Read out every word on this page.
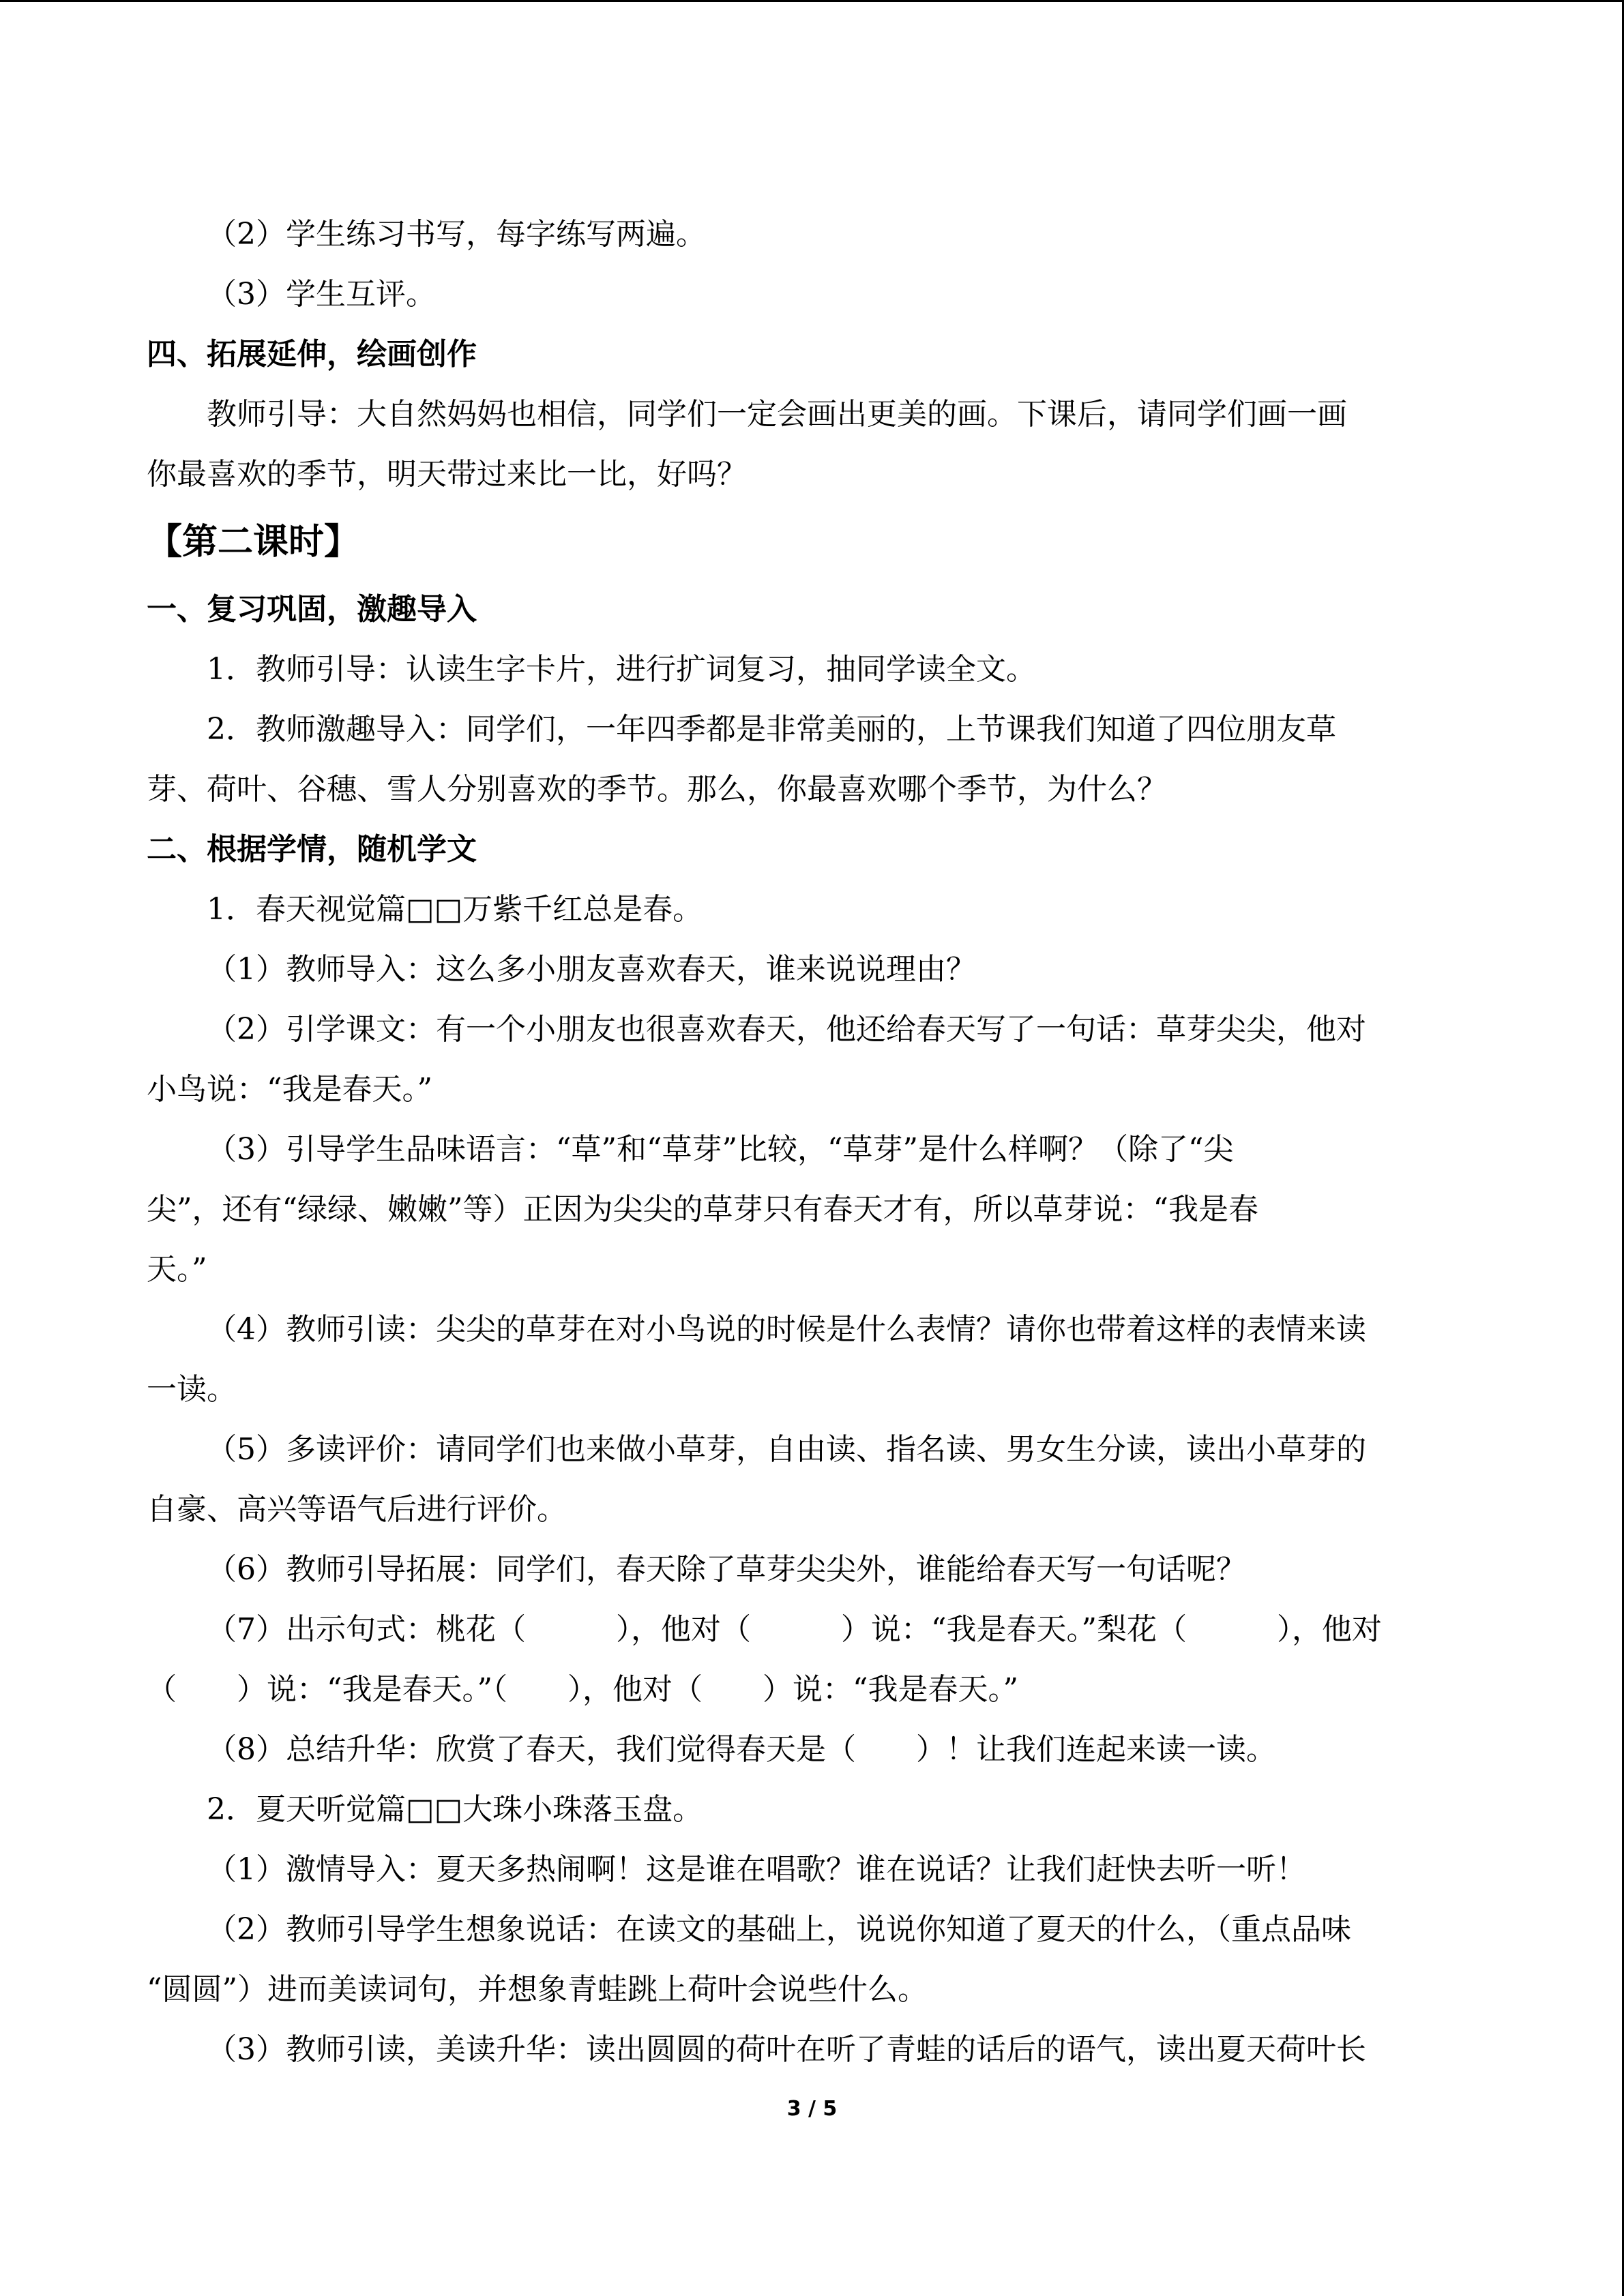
（2）学生练习书写，每字练写两遍。

（3）学生互评。

四、拓展延伸，绘画创作

教师引导：大自然妈妈也相信，同学们一定会画出更美的画。下课后，请同学们画一画

你最喜欢的季节，明天带过来比一比，好吗？

【第二课时】

一、复习巩固，激趣导入

1．教师引导：认读生字卡片，进行扩词复习，抽同学读全文。

2．教师激趣导入：同学们，一年四季都是非常美丽的，上节课我们知道了四位朋友草

芽、荷叶、谷穗、雪人分别喜欢的季节。那么，你最喜欢哪个季节，为什么？

二、根据学情，随机学文

1．春天视觉篇□□万紫千红总是春。

（1）教师导入：这么多小朋友喜欢春天，谁来说说理由？

（2）引学课文：有一个小朋友也很喜欢春天，他还给春天写了一句话：草芽尖尖，他对

小鸟说：“我是春天。”

（3）引导学生品味语言：“草”和“草芽”比较，“草芽”是什么样啊？（除了“尖

尖”，还有“绿绿、嫩嫩”等）正因为尖尖的草芽只有春天才有，所以草芽说：“我是春

天。”

（4）教师引读：尖尖的草芽在对小鸟说的时候是什么表情？请你也带着这样的表情来读

一读。

（5）多读评价：请同学们也来做小草芽，自由读、指名读、男女生分读，读出小草芽的

自豪、高兴等语气后进行评价。

（6）教师引导拓展：同学们，春天除了草芽尖尖外，谁能给春天写一句话呢？

（7）出示句式：桃花（　　　），他对（　　　）说：“我是春天。”梨花（　　　），他对

（　　）说：“我是春天。”（　　），他对（　　）说：“我是春天。”

（8）总结升华：欣赏了春天，我们觉得春天是（　　）！让我们连起来读一读。

2．夏天听觉篇□□大珠小珠落玉盘。

（1）激情导入：夏天多热闹啊！这是谁在唱歌？谁在说话？让我们赶快去听一听！

（2）教师引导学生想象说话：在读文的基础上，说说你知道了夏天的什么，（重点品味

“圆圆”）进而美读词句，并想象青蛙跳上荷叶会说些什么。

（3）教师引读，美读升华：读出圆圆的荷叶在听了青蛙的话后的语气，读出夏天荷叶长

3 / 5
